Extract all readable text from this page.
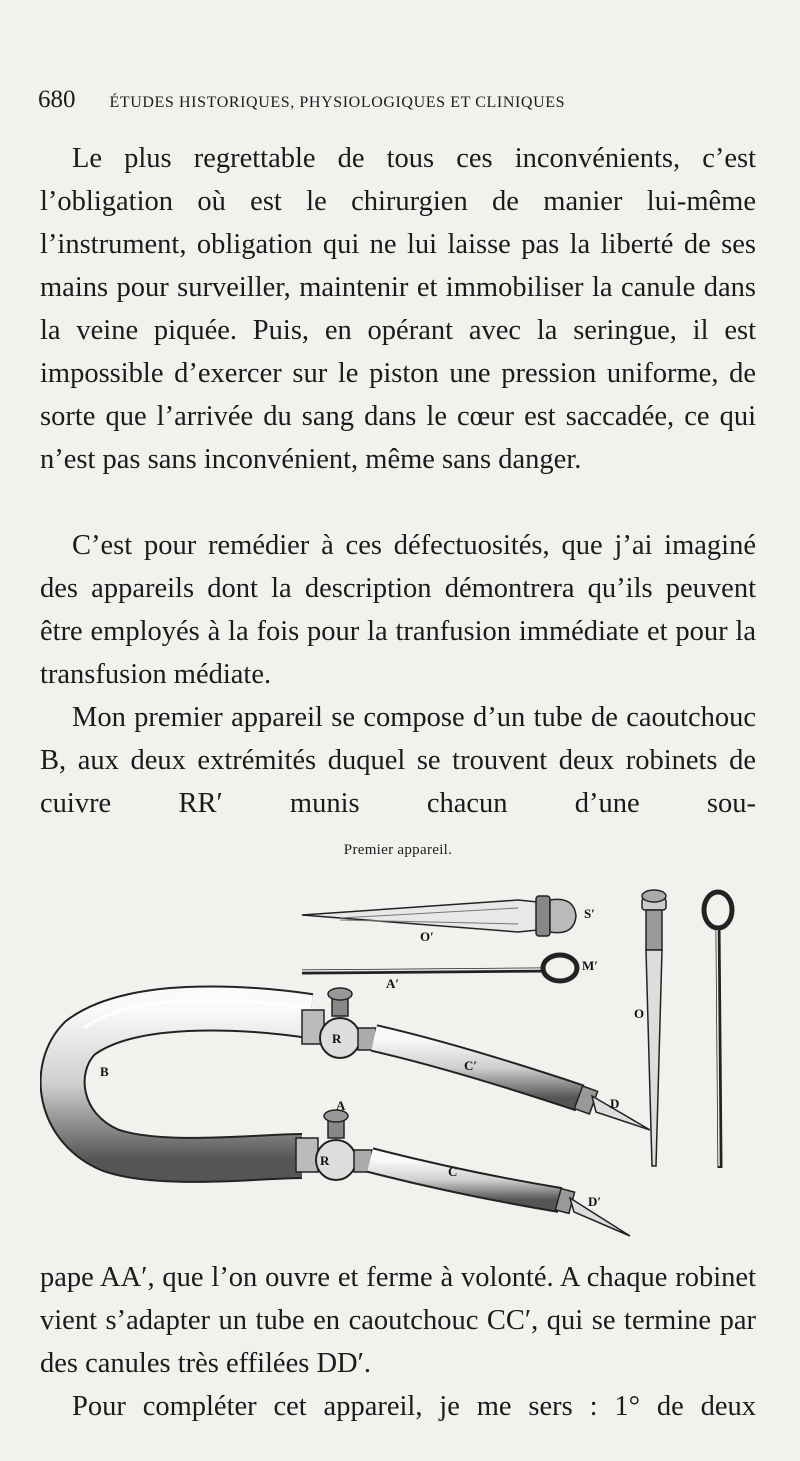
680 ÉTUDES HISTORIQUES, PHYSIOLOGIQUES ET CLINIQUES

Le plus regrettable de tous ces inconvénients, c’est l’obligation où est le chirurgien de manier lui-même l’instrument, obligation qui ne lui laisse pas la liberté de ses mains pour surveiller, maintenir et immobiliser la canule dans la veine piquée. Puis, en opérant avec la seringue, il est impossible d’exercer sur le piston une pression uniforme, de sorte que l’arrivée du sang dans le cœur est saccadée, ce qui n’est pas sans inconvénient, même sans danger.

C’est pour remédier à ces défectuosités, que j’ai imaginé des appareils dont la description démontrera qu’ils peuvent être employés à la fois pour la tranfusion immédiate et pour la transfusion médiate.

Mon premier appareil se compose d’un tube de caoutchouc B, aux deux extrémités duquel se trouvent deux robinets de cuivre RR′ munis chacun d’une sou-

Premier appareil.
S′
O′
M′
O
A′
R
C′
B
D
A
R
C
D′

pape AA′, que l’on ouvre et ferme à volonté. A chaque robinet vient s’adapter un tube en caoutchouc CC′, qui se termine par des canules très effilées DD′.

Pour compléter cet appareil, je me sers : 1° de deux
